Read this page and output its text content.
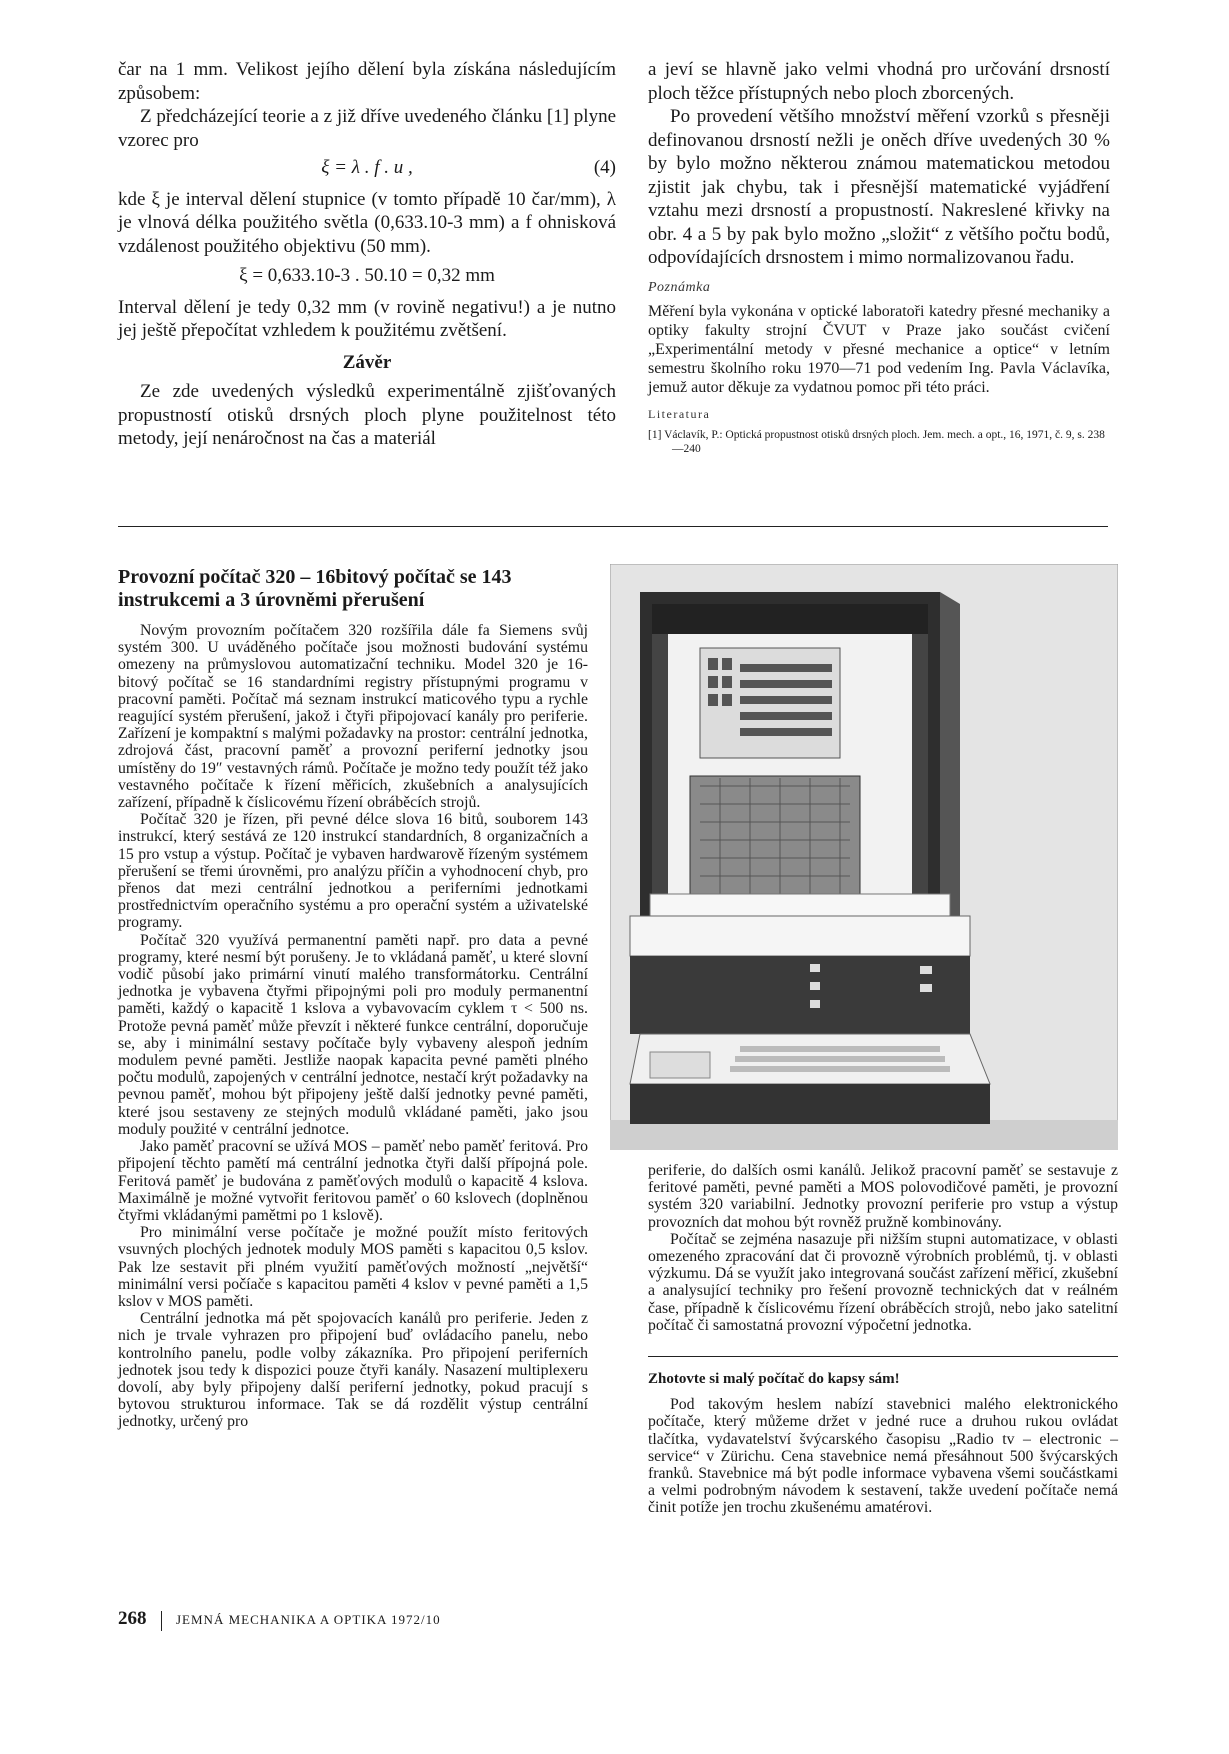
čar na 1 mm. Velikost jejího dělení byla získána následujícím způsobem:

Z předcházející teorie a z již dříve uvedeného článku [1] plyne vzorec pro

ξ = λ . f . u ,	(4)

kde ξ je interval dělení stupnice (v tomto případě 10 čar/mm), λ je vlnová délka použitého světla (0,633.10-3 mm) a f ohnisková vzdálenost použitého objektivu (50 mm).

ξ = 0,633.10-3 . 50.10 = 0,32 mm

Interval dělení je tedy 0,32 mm (v rovině negativu!) a je nutno jej ještě přepočítat vzhledem k použitému zvětšení.

Závěr

Ze zde uvedených výsledků experimentálně zjišťovaných propustností otisků drsných ploch plyne použitelnost této metody, její nenáročnost na čas a materiál

a jeví se hlavně jako velmi vhodná pro určování drsností ploch těžce přístupných nebo ploch zborcených.

Po provedení většího množství měření vzorků s přesněji definovanou drsností nežli je oněch dříve uvedených 30 % by bylo možno některou známou matematickou metodou zjistit jak chybu, tak i přesnější matematické vyjádření vztahu mezi drsností a propustností. Nakreslené křivky na obr. 4 a 5 by pak bylo možno „složit“ z většího počtu bodů, odpovídajících drsnostem i mimo normalizovanou řadu.

Poznámka

Měření byla vykonána v optické laboratoři katedry přesné mechaniky a optiky fakulty strojní ČVUT v Praze jako součást cvičení „Experimentální metody v přesné mechanice a optice“ v letním semestru školního roku 1970—71 pod vedením Ing. Pavla Václavíka, jemuž autor děkuje za vydatnou pomoc při této práci.

Literatura

[1] Václavík, P.: Optická propustnost otisků drsných ploch. Jem. mech. a opt., 16, 1971, č. 9, s. 238—240

Provozní počítač 320 – 16bitový počítač se 143 instrukcemi a 3 úrovněmi přerušení

Novým provozním počítačem 320 rozšířila dále fa Siemens svůj systém 300. U uváděného počítače jsou možnosti budování systému omezeny na průmyslovou automatizační techniku. Model 320 je 16-bitový počítač se 16 standardními registry přístupnými programu v pracovní paměti. Počítač má seznam instrukcí maticového typu a rychle reagující systém přerušení, jakož i čtyři připojovací kanály pro periferie. Zařízení je kompaktní s malými požadavky na prostor: centrální jednotka, zdrojová část, pracovní paměť a provozní periferní jednotky jsou umístěny do 19″ vestavných rámů. Počítače je možno tedy použít též jako vestavného počítače k řízení měřicích, zkušebních a analysujících zařízení, případně k číslicovému řízení obráběcích strojů.

Počítač 320 je řízen, při pevné délce slova 16 bitů, souborem 143 instrukcí, který sestává ze 120 instrukcí standardních, 8 organizačních a 15 pro vstup a výstup. Počítač je vybaven hardwarově řízeným systémem přerušení se třemi úrovněmi, pro analýzu příčin a vyhodnocení chyb, pro přenos dat mezi centrální jednotkou a periferními jednotkami prostřednictvím operačního systému a pro operační systém a uživatelské programy.

Počítač 320 využívá permanentní paměti např. pro data a pevné programy, které nesmí být porušeny. Je to vkládaná paměť, u které slovní vodič působí jako primární vinutí malého transformátorku. Centrální jednotka je vybavena čtyřmi připojnými poli pro moduly permanentní paměti, každý o kapacitě 1 kslova a vybavovacím cyklem τ < 500 ns. Protože pevná paměť může převzít i některé funkce centrální, doporučuje se, aby i minimální sestavy počítače byly vybaveny alespoň jedním modulem pevné paměti. Jestliže naopak kapacita pevné paměti plného počtu modulů, zapojených v centrální jednotce, nestačí krýt požadavky na pevnou paměť, mohou být připojeny ještě další jednotky pevné paměti, které jsou sestaveny ze stejných modulů vkládané paměti, jako jsou moduly použité v centrální jednotce.

Jako paměť pracovní se užívá MOS – paměť nebo paměť feritová. Pro připojení těchto pamětí má centrální jednotka čtyři další přípojná pole. Feritová paměť je budována z paměťových modulů o kapacitě 4 kslova. Maximálně je možné vytvořit feritovou paměť o 60 kslovech (doplněnou čtyřmi vkládanými pamětmi po 1 kslově).

Pro minimální verse počítače je možné použít místo feritových vsuvných plochých jednotek moduly MOS paměti s kapacitou 0,5 kslov. Pak lze sestavit při plném využití paměťových možností „největší“ minimální versi počíače s kapacitou paměti 4 kslov v pevné paměti a 1,5 kslov v MOS paměti.

Centrální jednotka má pět spojovacích kanálů pro periferie. Jeden z nich je trvale vyhrazen pro připojení buď ovládacího panelu, nebo kontrolního panelu, podle volby zákazníka. Pro připojení periferních jednotek jsou tedy k dispozici pouze čtyři kanály. Nasazení multiplexeru dovolí, aby byly připojeny další periferní jednotky, pokud pracují s bytovou strukturou informace. Tak se dá rozdělit výstup centrální jednotky, určený pro

periferie, do dalších osmi kanálů. Jelikož pracovní paměť se sestavuje z feritové paměti, pevné paměti a MOS polovodičové paměti, je provozní systém 320 variabilní. Jednotky provozní periferie pro vstup a výstup provozních dat mohou být rovněž pružně kombinovány.

Počítač se zejména nasazuje při nižším stupni automatizace, v oblasti omezeného zpracování dat či provozně výrobních problémů, tj. v oblasti výzkumu. Dá se využít jako integrovaná součást zařízení měřicí, zkušební a analysující techniky pro řešení provozně technických dat v reálném čase, případně k číslicovému řízení obráběcích strojů, nebo jako satelitní počítač či samostatná provozní výpočetní jednotka.

Zhotovte si malý počítač do kapsy sám!

Pod takovým heslem nabízí stavebnici malého elektronického počítače, který můžeme držet v jedné ruce a druhou rukou ovládat tlačítka, vydavatelství švýcarského časopisu „Radio tv – electronic – service“ v Zürichu. Cena stavebnice nemá přesáhnout 500 švýcarských franků. Stavebnice má být podle informace vybavena všemi součástkami a velmi podrobným návodem k sestavení, takže uvedení počítače nemá činit potíže jen trochu zkušenému amatérovi.

268 JEMNÁ MECHANIKA A OPTIKA 1972/10
